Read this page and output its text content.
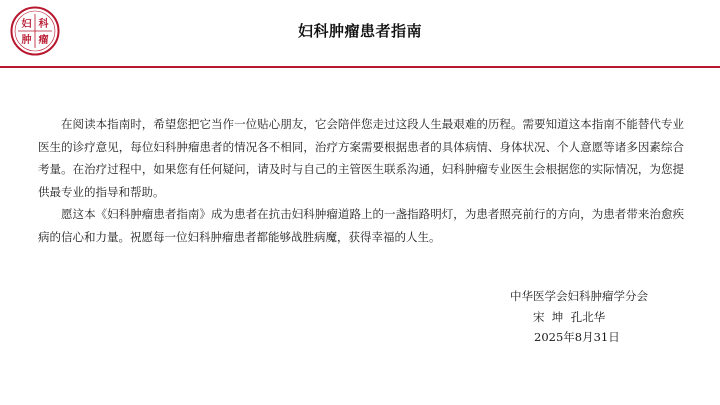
妇 科
肿 瘤
妇科肿瘤患者指南

在阅读本指南时，希望您把它当作一位贴心朋友，它会陪伴您走过这段人生最艰难的历程。需要知道这本指南不能替代专业医生的诊疗意见，每位妇科肿瘤患者的情况各不相同，治疗方案需要根据患者的具体病情、身体状况、个人意愿等诸多因素综合考量。在治疗过程中，如果您有任何疑问，请及时与自己的主管医生联系沟通，妇科肿瘤专业医生会根据您的实际情况，为您提供最专业的指导和帮助。

愿这本《妇科肿瘤患者指南》成为患者在抗击妇科肿瘤道路上的一盏指路明灯，为患者照亮前行的方向，为患者带来治愈疾病的信心和力量。祝愿每一位妇科肿瘤患者都能够战胜病魔，获得幸福的人生。

中华医学会妇科肿瘤学分会
宋  坤  孔北华
2025年8月31日
